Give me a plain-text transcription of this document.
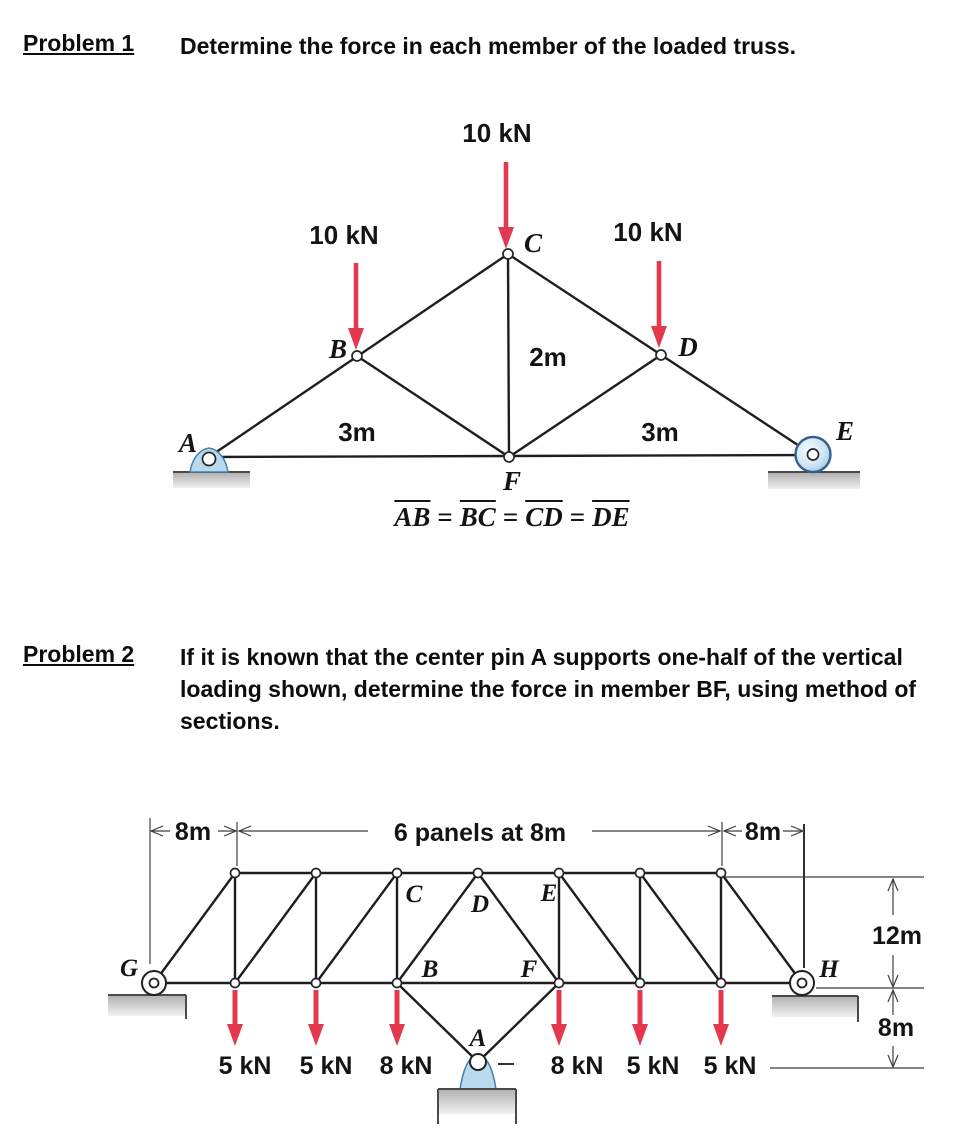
Problem 1 Determine the force in each member of the loaded truss.
10 kN
10 kN	10 kN
A
B
C
D
E
F
2m
3m	3m
$\overline{AB} = \overline{BC} = \overline{CD} = \overline{DE}$
Problem 2 If it is known that the center pin A supports one-half of the vertical
loading shown, determine the force in member BF, using method of
sections.
8m	6 panels at 8m	8m
12m
8m
5 kN 5 kN 8 kN	8 kN 5 kN 5 kN
G	H
C D E
B	F
A
